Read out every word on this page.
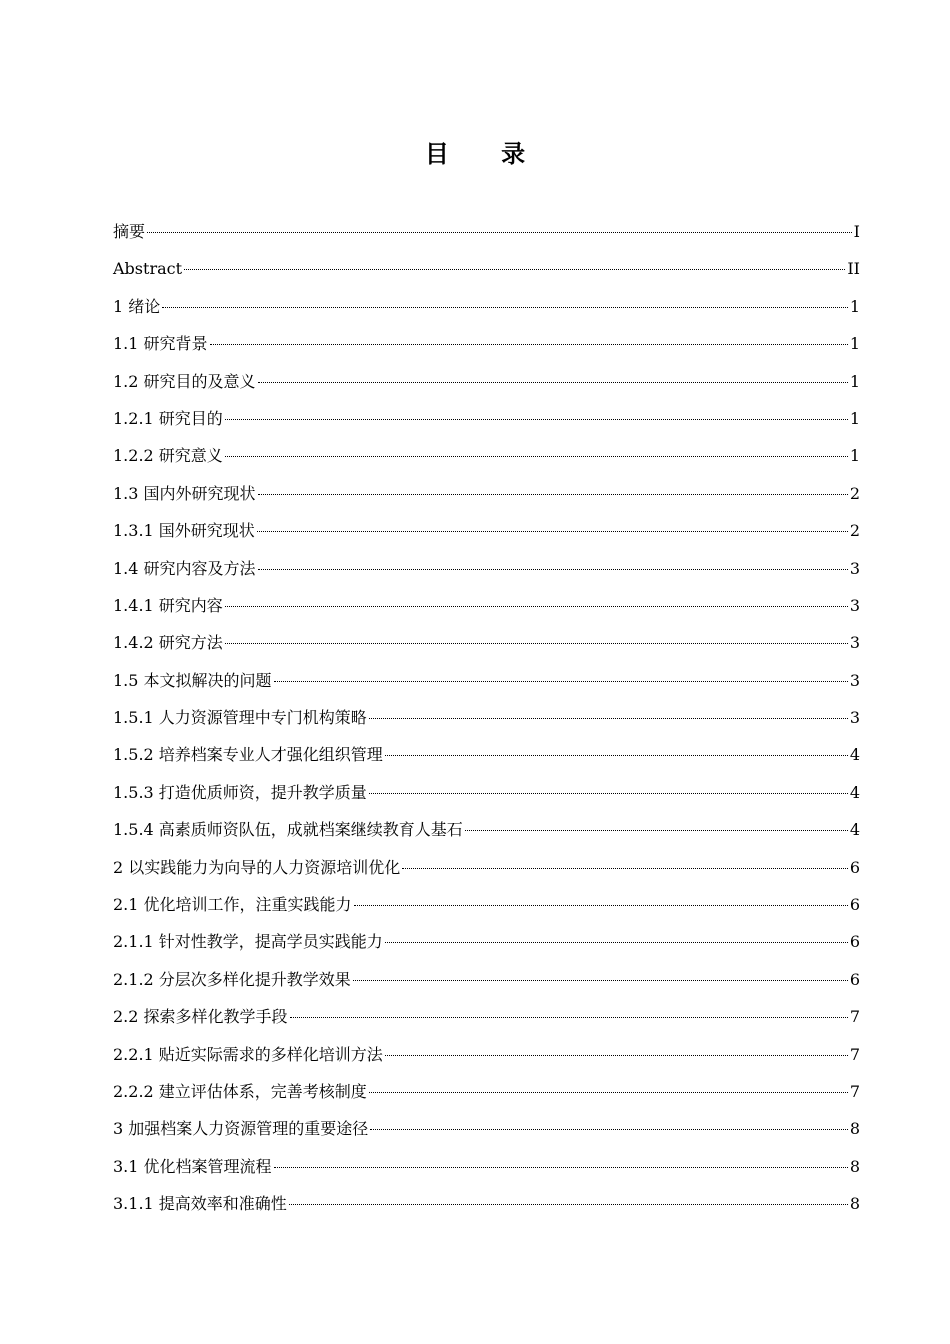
目 录
摘要	I
Abstract	II
1 绪论	1
1.1 研究背景	1
1.2 研究目的及意义	1
1.2.1 研究目的	1
1.2.2 研究意义	1
1.3 国内外研究现状	2
1.3.1 国外研究现状	2
1.4 研究内容及方法	3
1.4.1 研究内容	3
1.4.2 研究方法	3
1.5 本文拟解决的问题	3
1.5.1 人力资源管理中专门机构策略	3
1.5.2 培养档案专业人才强化组织管理	4
1.5.3 打造优质师资，提升教学质量	4
1.5.4 高素质师资队伍，成就档案继续教育人基石	4
2 以实践能力为向导的人力资源培训优化	6
2.1 优化培训工作，注重实践能力	6
2.1.1 针对性教学，提高学员实践能力	6
2.1.2 分层次多样化提升教学效果	6
2.2 探索多样化教学手段	7
2.2.1 贴近实际需求的多样化培训方法	7
2.2.2 建立评估体系，完善考核制度	7
3 加强档案人力资源管理的重要途径	8
3.1 优化档案管理流程	8
3.1.1 提高效率和准确性	8
